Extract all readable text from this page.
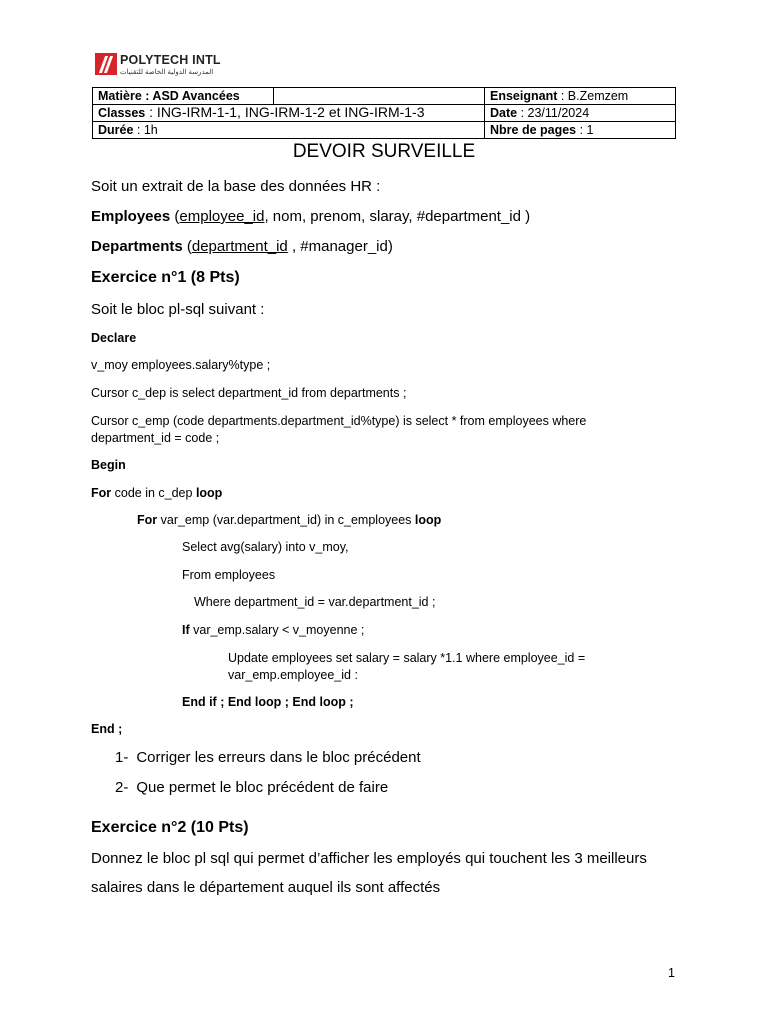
POLYTECH INTL
المدرسة الدولية الخاصة للتقنيات
Matière : ASD Avancées		Enseignant : B.Zemzem
Classes : ING-IRM-1-1, ING-IRM-1-2 et ING-IRM-1-3		Date : 23/11/2024
Durée : 1h		Nbre de pages : 1
DEVOIR SURVEILLE
Soit un extrait de la base des données HR :
Employees (employee_id, nom, prenom, slaray, #department_id )
Departments (department_id , #manager_id)
Exercice n°1 (8 Pts)
Soit le bloc pl-sql suivant :
Declare
v_moy employees.salary%type ;
Cursor c_dep is select department_id from departments ;
Cursor c_emp (code departments.department_id%type) is select * from employees where department_id = code ;
Begin
For code in c_dep loop
For var_emp (var.department_id) in c_employees loop
Select avg(salary) into v_moy,
From employees
Where department_id = var.department_id ;
If var_emp.salary < v_moyenne ;
Update employees set salary = salary *1.1 where employee_id = var_emp.employee_id :
End if ; End loop ; End loop ;
End ;
1- Corriger les erreurs dans le bloc précédent
2- Que permet le bloc précédent de faire
Exercice n°2 (10 Pts)
Donnez le bloc pl sql qui permet d’afficher les employés qui touchent les 3 meilleurs
salaires dans le département auquel ils sont affectés
1
